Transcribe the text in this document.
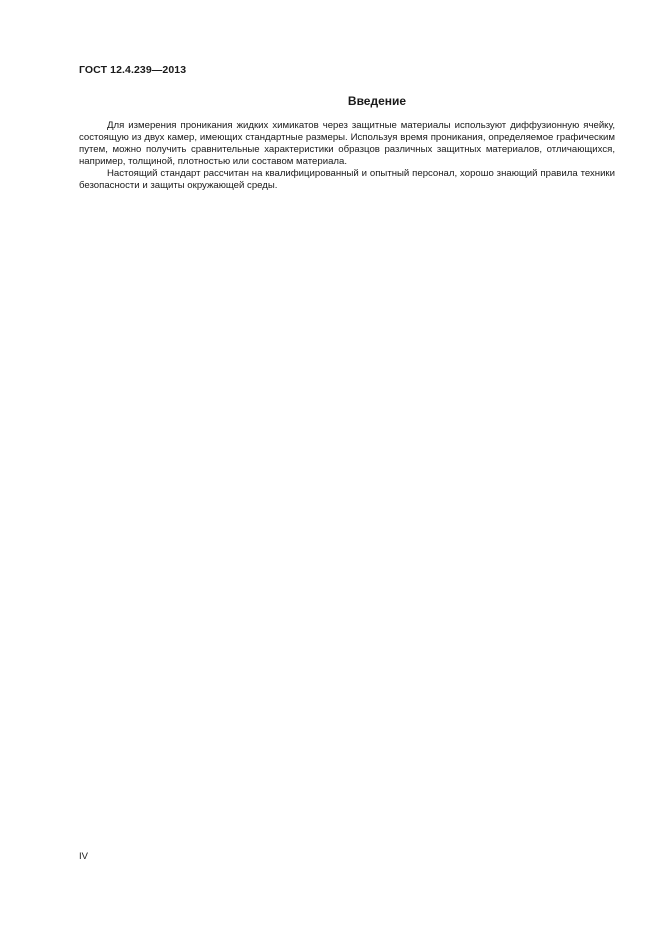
ГОСТ 12.4.239—2013
Введение

Для измерения проникания жидких химикатов через защитные материалы используют диффузионную ячейку, состоящую из двух камер, имеющих стандартные размеры. Используя время проникания, определяемое графическим путем, можно получить сравнительные характеристики образцов различных защитных материалов, отличающихся, например, толщиной, плотностью или составом материала.

Настоящий стандарт рассчитан на квалифицированный и опытный персонал, хорошо знающий правила техники безопасности и защиты окружающей среды.

IV
